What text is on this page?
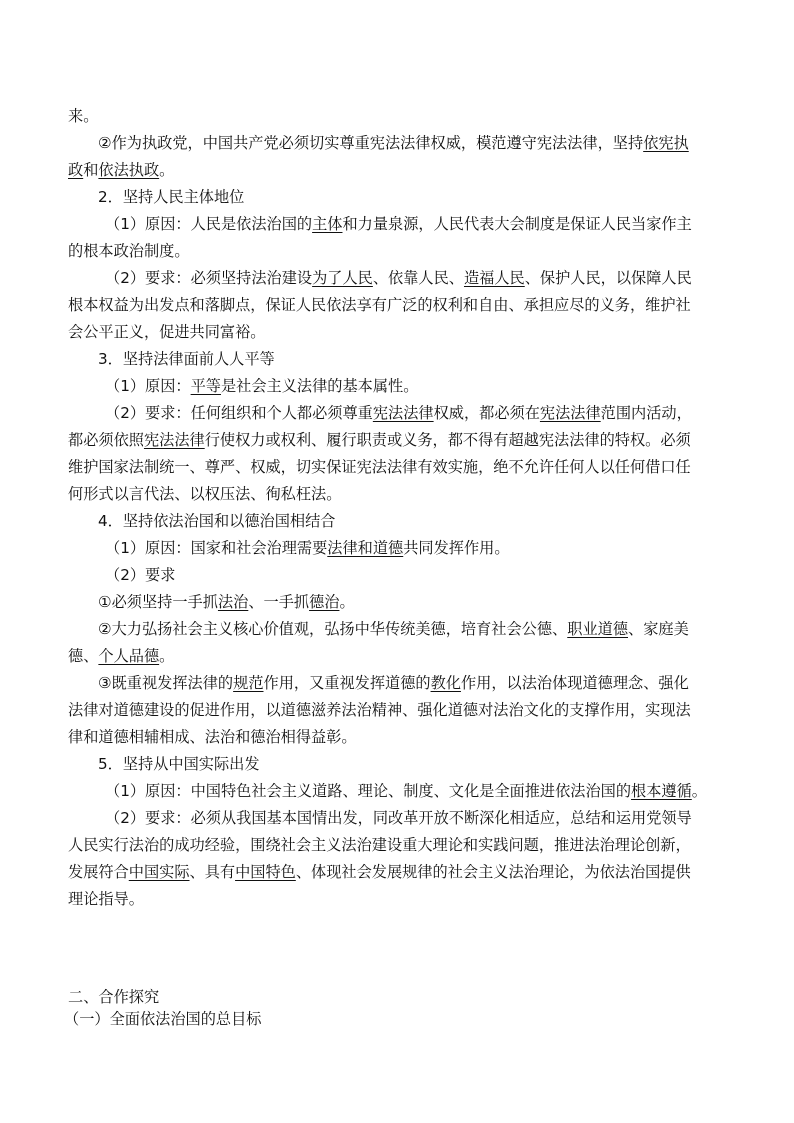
来。
②作为执政党，中国共产党必须切实尊重宪法法律权威，模范遵守宪法法律，坚持依宪执
政和依法执政。
2．坚持人民主体地位
（1）原因：人民是依法治国的主体和力量泉源，人民代表大会制度是保证人民当家作主
的根本政治制度。
（2）要求：必须坚持法治建设为了人民、依靠人民、造福人民、保护人民，以保障人民
根本权益为出发点和落脚点，保证人民依法享有广泛的权利和自由、承担应尽的义务，维护社
会公平正义，促进共同富裕。
3．坚持法律面前人人平等
（1）原因：平等是社会主义法律的基本属性。
（2）要求：任何组织和个人都必须尊重宪法法律权威，都必须在宪法法律范围内活动，
都必须依照宪法法律行使权力或权利、履行职责或义务，都不得有超越宪法法律的特权。必须
维护国家法制统一、尊严、权威，切实保证宪法法律有效实施，绝不允许任何人以任何借口任
何形式以言代法、以权压法、徇私枉法。
4．坚持依法治国和以德治国相结合
（1）原因：国家和社会治理需要法律和道德共同发挥作用。
（2）要求
①必须坚持一手抓法治、一手抓德治。
②大力弘扬社会主义核心价值观，弘扬中华传统美德，培育社会公德、职业道德、家庭美
德、个人品德。
③既重视发挥法律的规范作用，又重视发挥道德的教化作用，以法治体现道德理念、强化
法律对道德建设的促进作用，以道德滋养法治精神、强化道德对法治文化的支撑作用，实现法
律和道德相辅相成、法治和德治相得益彰。
5．坚持从中国实际出发
（1）原因：中国特色社会主义道路、理论、制度、文化是全面推进依法治国的根本遵循。
（2）要求：必须从我国基本国情出发，同改革开放不断深化相适应，总结和运用党领导
人民实行法治的成功经验，围绕社会主义法治建设重大理论和实践问题，推进法治理论创新，
发展符合中国实际、具有中国特色、体现社会发展规律的社会主义法治理论，为依法治国提供
理论指导。
二、合作探究
（一）全面依法治国的总目标
